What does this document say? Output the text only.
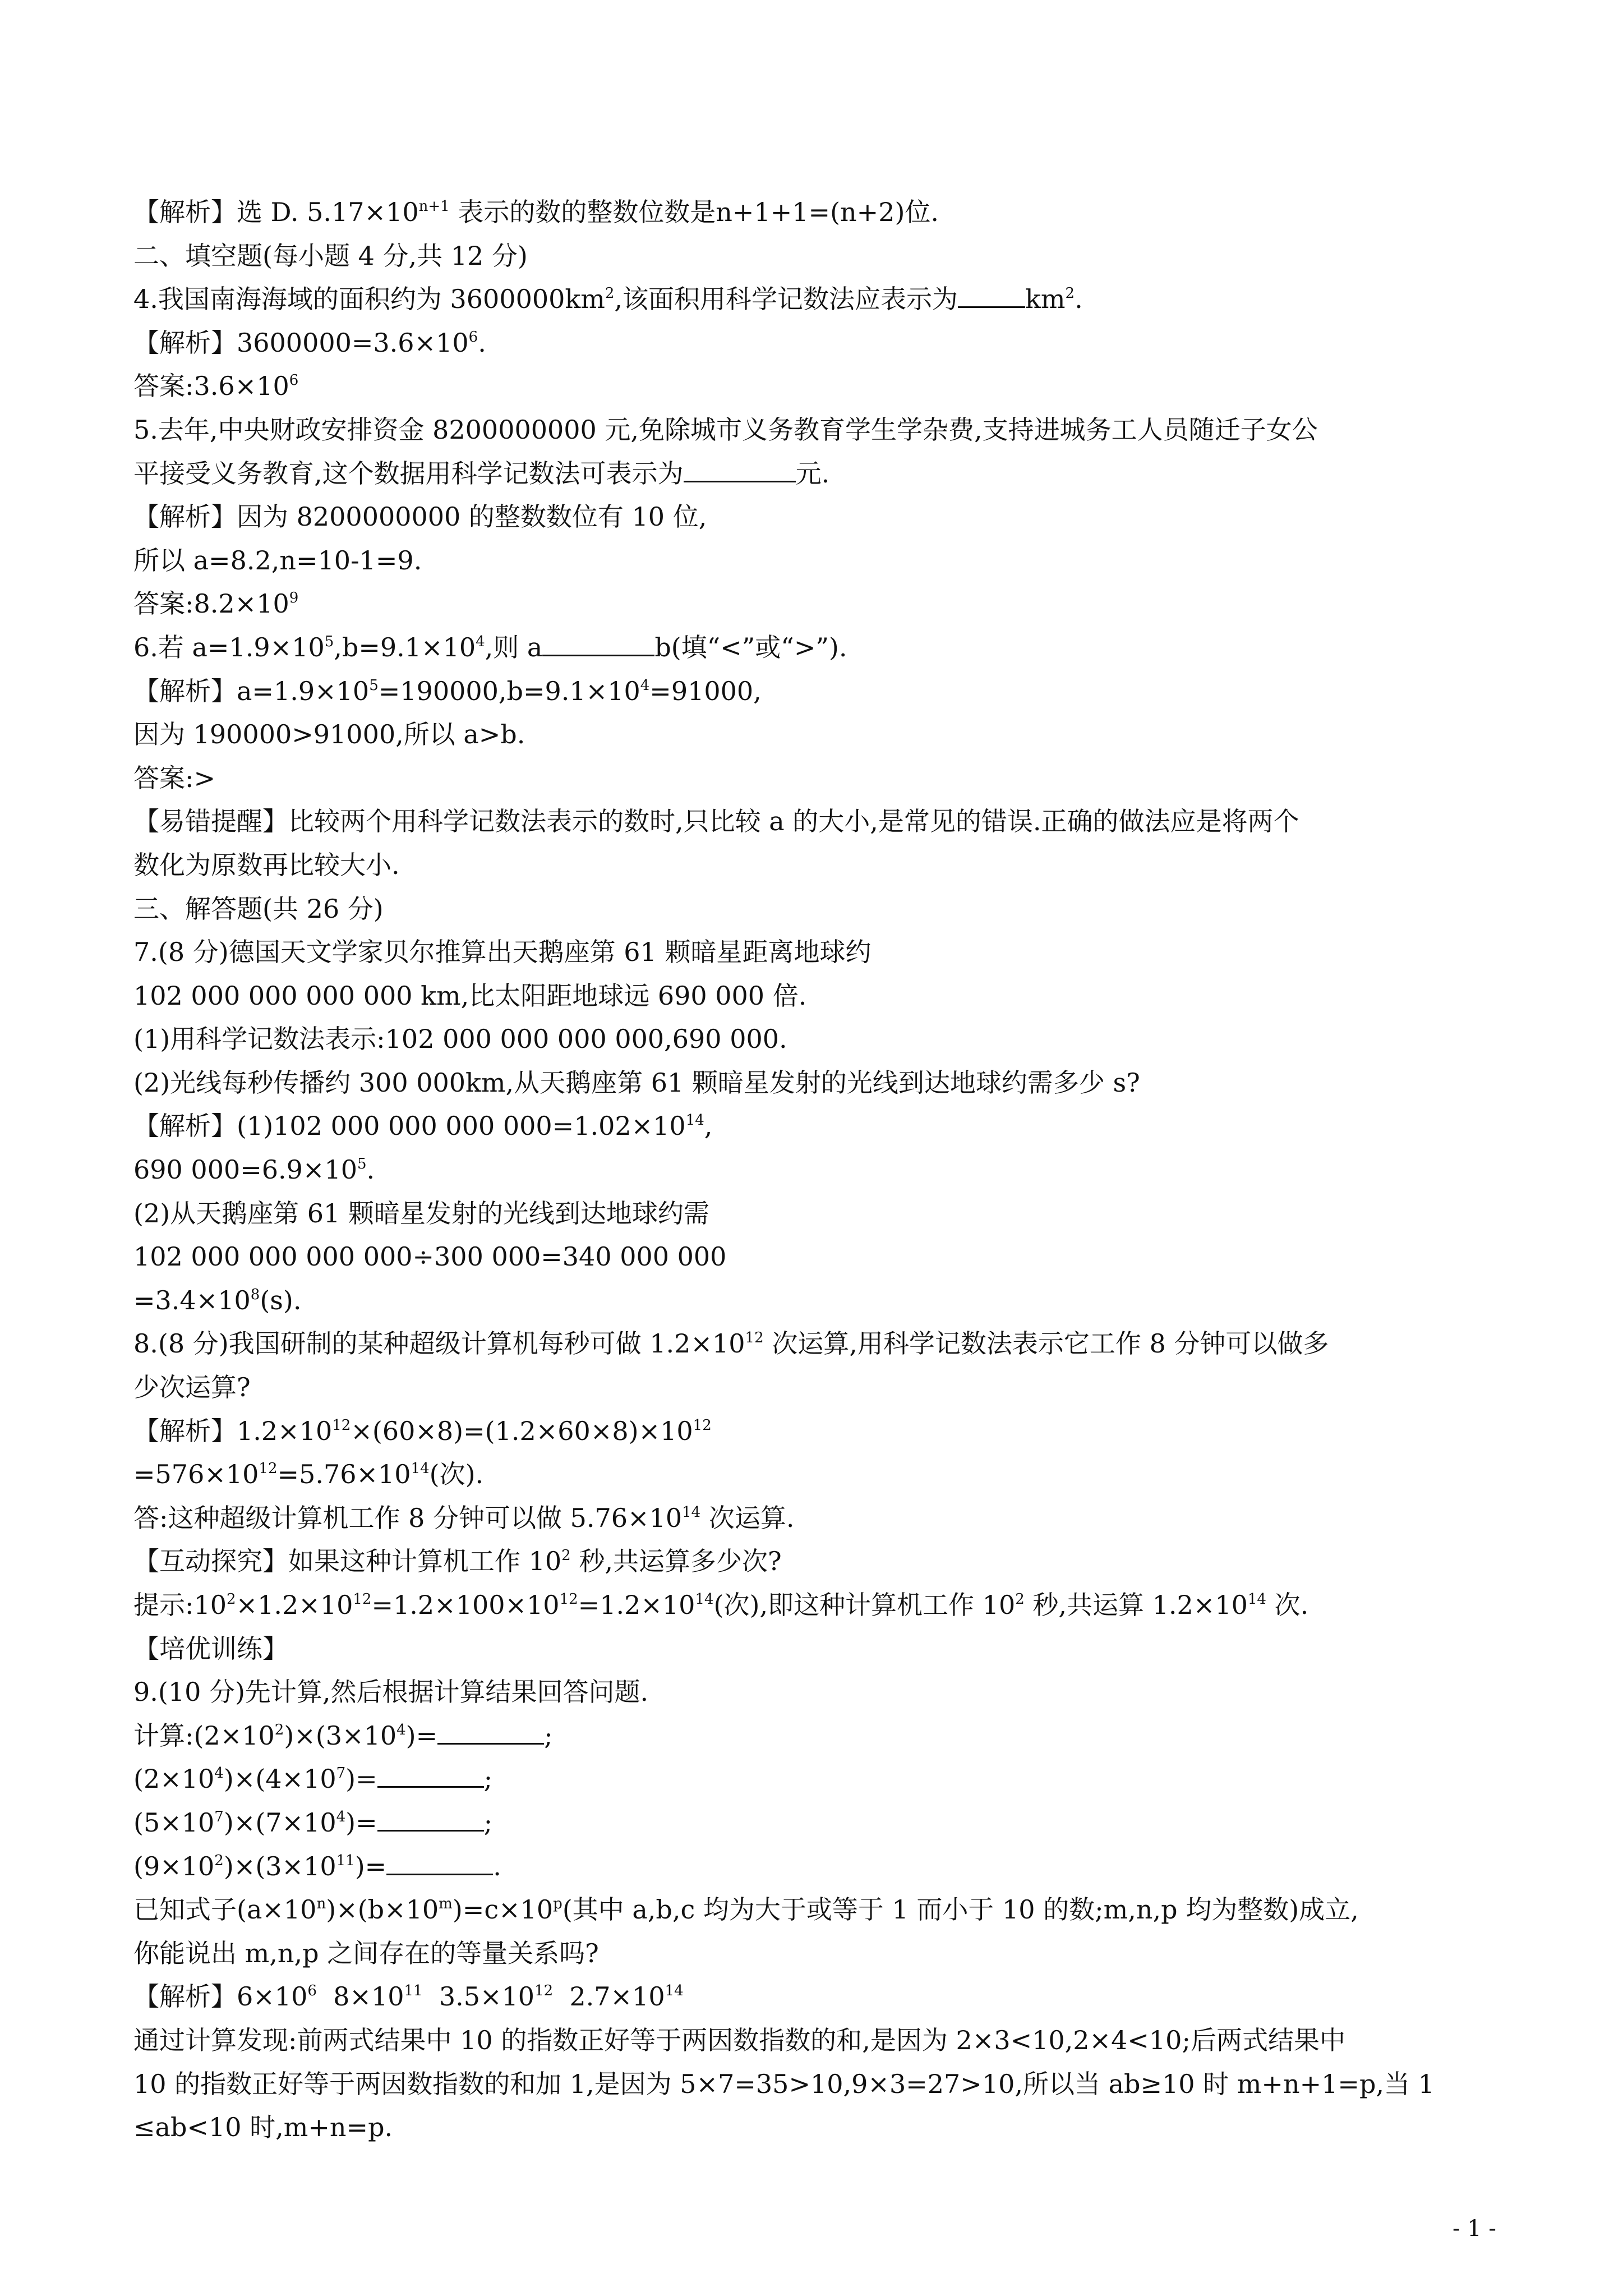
【解析】选 D. $5.17\times 10^{n+1}$ 表示的数的整数位数是n+1+1=(n+2)位.
二、填空题(每小题 4 分,共 12 分)
4.我国南海海域的面积约为 $3600000km^2$,该面积用科学记数法应表示为	$km^2$.
【解析】$3600000=3.6\times 10^6$.
答案$:3.6\times 10^6$
5.去年,中央财政安排资金 8200000000 元,免除城市义务教育学生学杂费,支持进城务工人员随迁子女公
平接受义务教育,这个数据用科学记数法可表示为	元.
【解析】因为 8200000000 的整数数位有 10 位,
所以 a=8.2,n=10-1=9.
答案$:8.2\times 10^9$
6.若 $a=1.9\times 10^5,b=9.1\times 10^4$,则 a	b(填“<”或“>”).
【解析】$a=1.9\times 10^5=190000,b=9.1\times 10^4=91000$,
因为 190000>91000,所以 a>b.
答案:>
【易错提醒】比较两个用科学记数法表示的数时,只比较 a 的大小,是常见的错误.正确的做法应是将两个
数化为原数再比较大小.
三、解答题(共 26 分)
7.(8 分)德国天文学家贝尔推算出天鹅座第 61 颗暗星距离地球约
102 000 000 000 000 km,比太阳距地球远 690 000 倍.
(1)用科学记数法表示:102 000 000 000 000,690 000.
(2)光线每秒传播约 300 000km,从天鹅座第 61 颗暗星发射的光线到达地球约需多少 s?
【解析】(1)102 000 000 000 $000=1.02\times 10^{14}$,
690 $000=6.9\times 10^5$.
(2)从天鹅座第 61 颗暗星发射的光线到达地球约需
102 000 000 000 000÷300 000=340 000 000
$=3.4\times 10^8(s)$.
8.(8 分)我国研制的某种超级计算机每秒可做 $1.2\times 10^{12}$ 次运算,用科学记数法表示它工作 8 分钟可以做多
少次运算?
【解析】$1.2\times 10^{12}\times(60\times 8)=(1.2\times 60\times 8)\times 10^{12}$
$=576\times 10^{12}=5.76\times 10^{14}$(次).
答:这种超级计算机工作 8 分钟可以做 $5.76\times 10^{14}$ 次运算.
【互动探究】如果这种计算机工作 $10^2$ 秒,共运算多少次?
提示$:10^2\times 1.2\times 10^{12}=1.2\times 100\times 10^{12}=1.2\times 10^{14}$(次),即这种计算机工作 $10^2$ 秒,共运算 $1.2\times 10^{14}$ 次.
【培优训练】
9.(10 分)先计算,然后根据计算结果回答问题.
计算$:(2\times 10^2)\times(3\times 10^4)=$	;
$(2\times 10^4)\times(4\times 10^7)=$	;
$(5\times 10^7)\times(7\times 10^4)=$	;
$(9\times 10^2)\times(3\times 10^{11})=$	.
已知式子$(a\times 10^n)\times(b\times 10^m)=c\times 10^p$(其中 a,b,c 均为大于或等于 1 而小于 10 的数;m,n,p 均为整数)成立,
你能说出 m,n,p 之间存在的等量关系吗?
【解析】$6\times 10^6$  $8\times 10^{11}$  $3.5\times 10^{12}$  $2.7\times 10^{14}$
通过计算发现:前两式结果中 10 的指数正好等于两因数指数的和,是因为 2×3<10,2×4<10;后两式结果中
10 的指数正好等于两因数指数的和加 1,是因为 5×7=35>10,9×3=27>10,所以当 ab≥10 时 m+n+1=p,当 1
≤ab<10 时,m+n=p.
- 1 -
